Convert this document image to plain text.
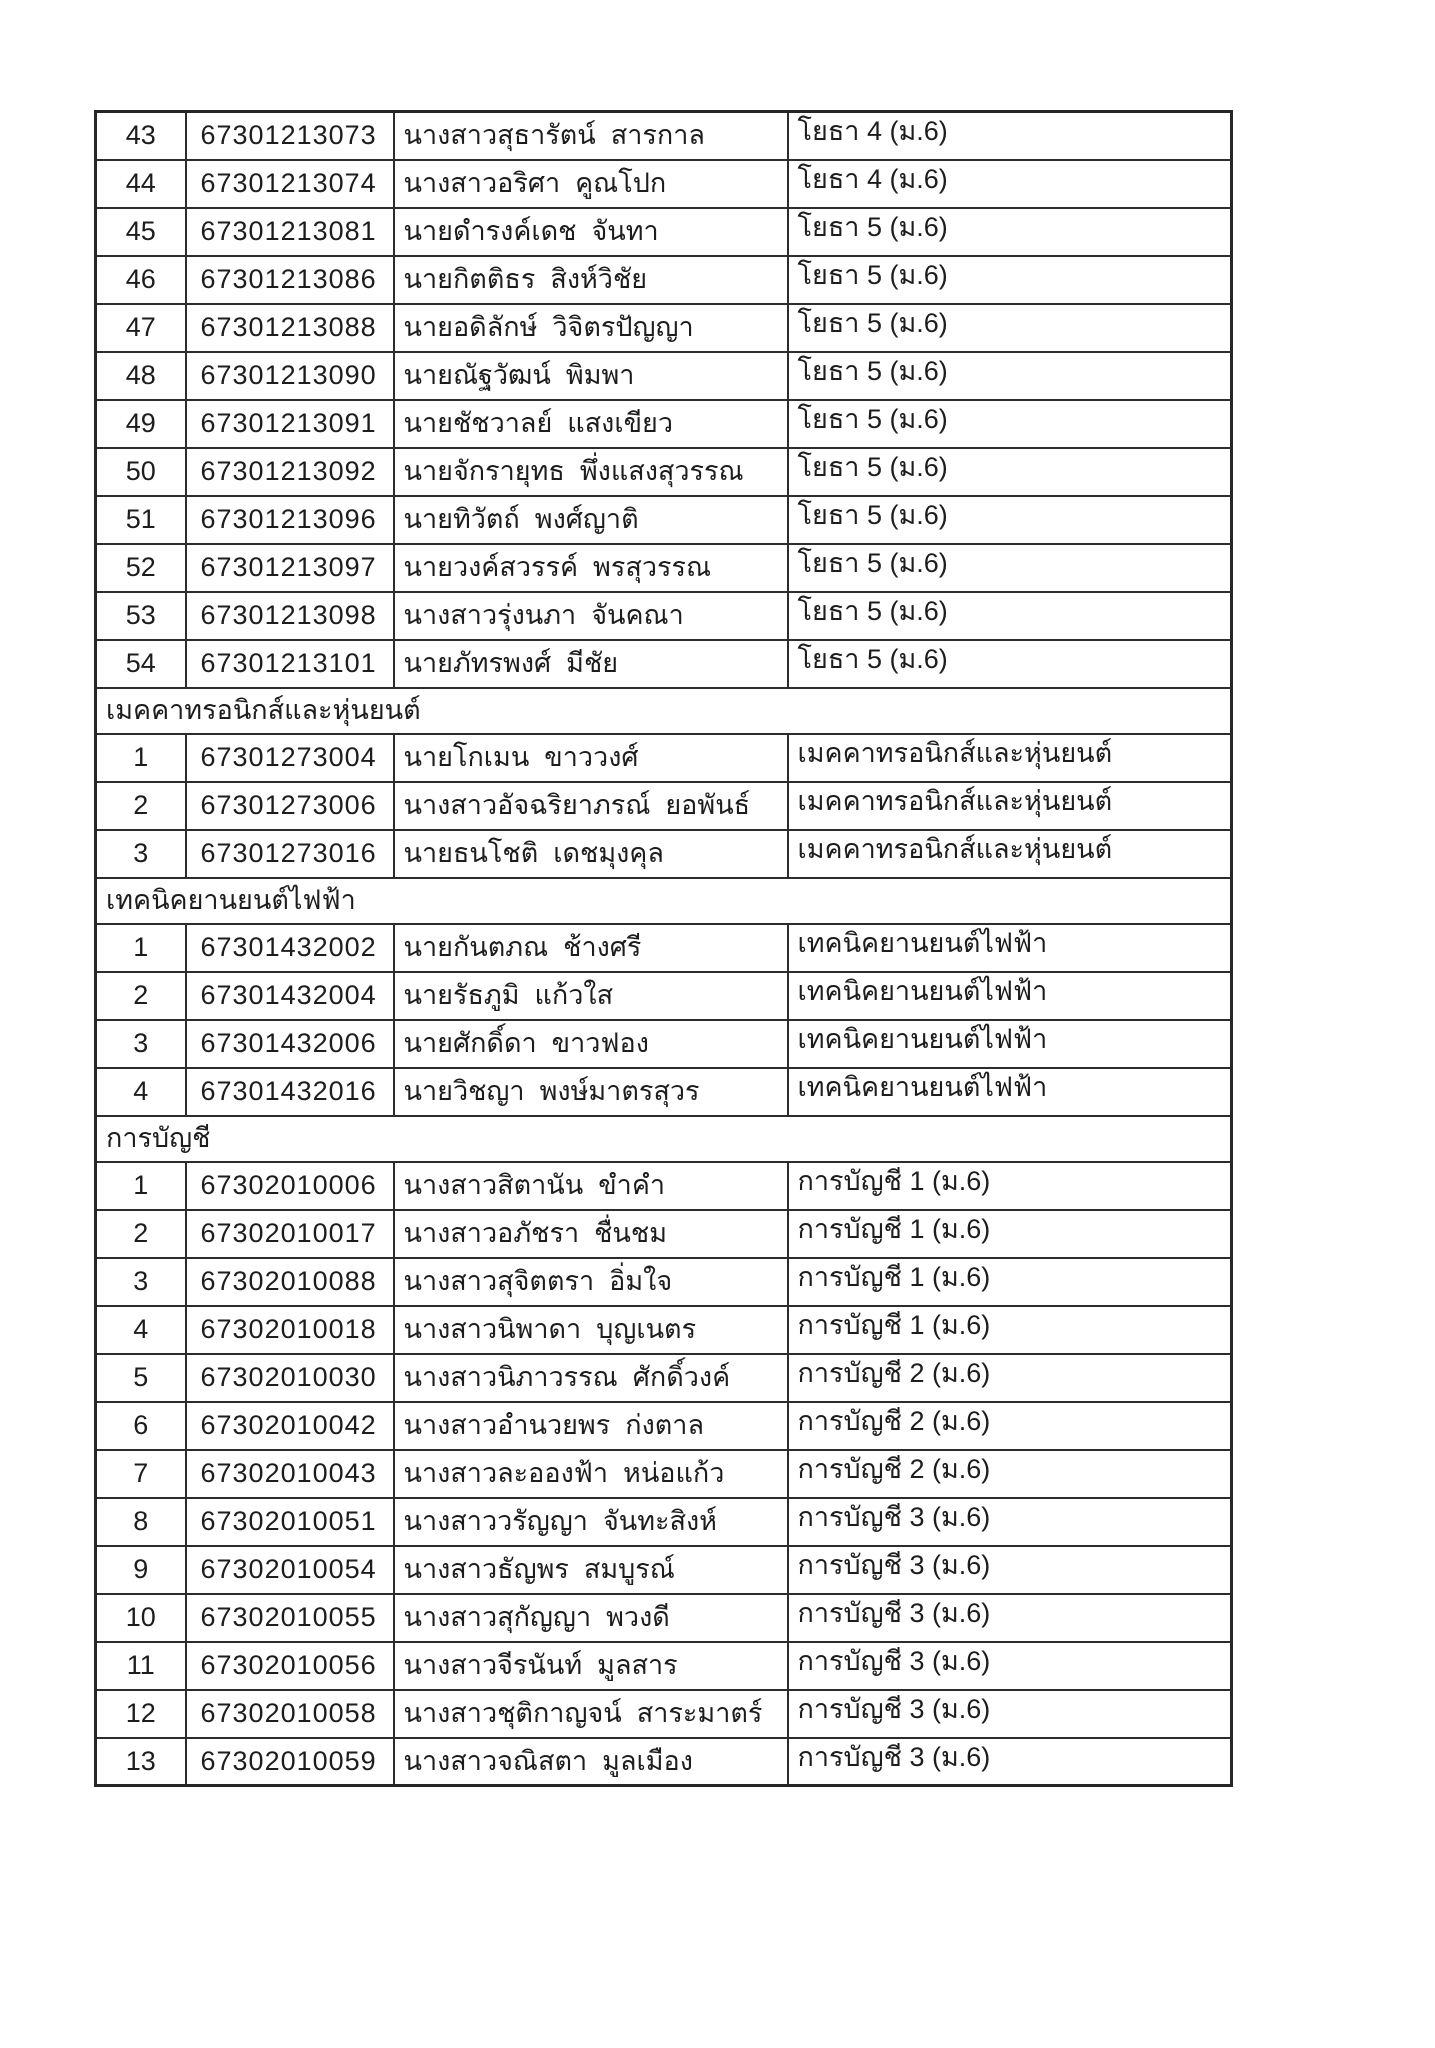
43	67301213073	นางสาวสุธารัตน์  สารกาล	โยธา 4 (ม.6)
44	67301213074	นางสาวอริศา  คูณโปก	โยธา 4 (ม.6)
45	67301213081	นายดำรงค์เดช  จันทา	โยธา 5 (ม.6)
46	67301213086	นายกิตติธร  สิงห์วิชัย	โยธา 5 (ม.6)
47	67301213088	นายอดิลักษ์  วิจิตรปัญญา	โยธา 5 (ม.6)
48	67301213090	นายณัฐวัฒน์  พิมพา	โยธา 5 (ม.6)
49	67301213091	นายชัชวาลย์  แสงเขียว	โยธา 5 (ม.6)
50	67301213092	นายจักรายุทธ  พึ่งแสงสุวรรณ	โยธา 5 (ม.6)
51	67301213096	นายทิวัตถ์  พงศ์ญาติ	โยธา 5 (ม.6)
52	67301213097	นายวงค์สวรรค์  พรสุวรรณ	โยธา 5 (ม.6)
53	67301213098	นางสาวรุ่งนภา  จันคณา	โยธา 5 (ม.6)
54	67301213101	นายภัทรพงศ์  มีชัย	โยธา 5 (ม.6)
เมคคาทรอนิกส์และหุ่นยนต์			
1	67301273004	นายโกเมน  ขาววงศ์	เมคคาทรอนิกส์และหุ่นยนต์
2	67301273006	นางสาวอัจฉริยาภรณ์  ยอพันธ์	เมคคาทรอนิกส์และหุ่นยนต์
3	67301273016	นายธนโชติ  เดชมุงคุล	เมคคาทรอนิกส์และหุ่นยนต์
เทคนิคยานยนต์ไฟฟ้า			
1	67301432002	นายกันตภณ  ช้างศรี	เทคนิคยานยนต์ไฟฟ้า
2	67301432004	นายรัธภูมิ  แก้วใส	เทคนิคยานยนต์ไฟฟ้า
3	67301432006	นายศักดิ์ดา  ขาวฟอง	เทคนิคยานยนต์ไฟฟ้า
4	67301432016	นายวิชญา  พงษ์มาตรสุวร	เทคนิคยานยนต์ไฟฟ้า
การบัญชี			
1	67302010006	นางสาวสิตานัน  ขำคำ	การบัญชี 1 (ม.6)
2	67302010017	นางสาวอภัชรา  ชื่นชม	การบัญชี 1 (ม.6)
3	67302010088	นางสาวสุจิตตรา  อิ่มใจ	การบัญชี 1 (ม.6)
4	67302010018	นางสาวนิพาดา  บุญเนตร	การบัญชี 1 (ม.6)
5	67302010030	นางสาวนิภาวรรณ  ศักดิ์วงค์	การบัญชี 2 (ม.6)
6	67302010042	นางสาวอำนวยพร  ก่งตาล	การบัญชี 2 (ม.6)
7	67302010043	นางสาวละอองฟ้า  หน่อแก้ว	การบัญชี 2 (ม.6)
8	67302010051	นางสาววรัญญา  จันทะสิงห์	การบัญชี 3 (ม.6)
9	67302010054	นางสาวธัญพร  สมบูรณ์	การบัญชี 3 (ม.6)
10	67302010055	นางสาวสุกัญญา  พวงดี	การบัญชี 3 (ม.6)
11	67302010056	นางสาวจีรนันท์  มูลสาร	การบัญชี 3 (ม.6)
12	67302010058	นางสาวชุติกาญจน์  สาระมาตร์	การบัญชี 3 (ม.6)
13	67302010059	นางสาวจณิสตา  มูลเมือง	การบัญชี 3 (ม.6)
